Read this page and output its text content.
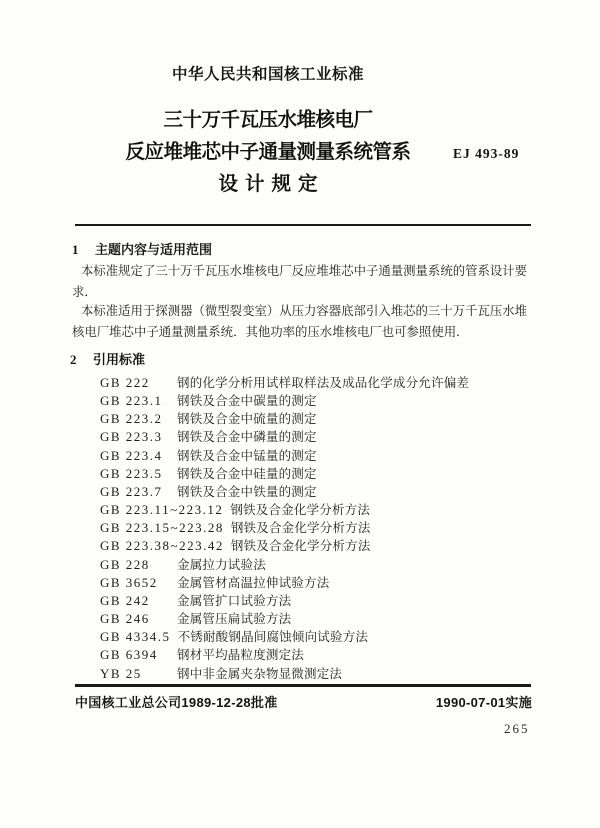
中华人民共和国核工业标准
三十万千瓦压水堆核电厂
反应堆堆芯中子通量测量系统管系
设计规定
EJ 493-89
1 主题内容与适用范围
本标准规定了三十万千瓦压水堆核电厂反应堆堆芯中子通量测量系统的管系设计要
求．
本标准适用于探测器（微型裂变室）从压力容器底部引入堆芯的三十万千瓦压水堆
核电厂堆芯中子通量测量系统．其他功率的压水堆核电厂也可参照使用．
2 引用标准
GB 222 钢的化学分析用试样取样法及成品化学成分允许偏差
GB 223.1 钢铁及合金中碳量的测定
GB 223.2 钢铁及合金中硫量的测定
GB 223.3 钢铁及合金中磷量的测定
GB 223.4 钢铁及合金中锰量的测定
GB 223.5 钢铁及合金中硅量的测定
GB 223.7 钢铁及合金中铁量的测定
GB 223.11~223.12 钢铁及合金化学分析方法
GB 223.15~223.28 钢铁及合金化学分析方法
GB 223.38~223.42 钢铁及合金化学分析方法
GB 228 金属拉力试验法
GB 3652 金属管材高温拉伸试验方法
GB 242 金属管扩口试验方法
GB 246 金属管压扁试验方法
GB 4334.5 不锈耐酸钢晶间腐蚀倾向试验方法
GB 6394 钢材平均晶粒度测定法
YB 25	钢中非金属夹杂物显微测定法
中国核工业总公司1989-12-28批准	1990-07-01实施
265
